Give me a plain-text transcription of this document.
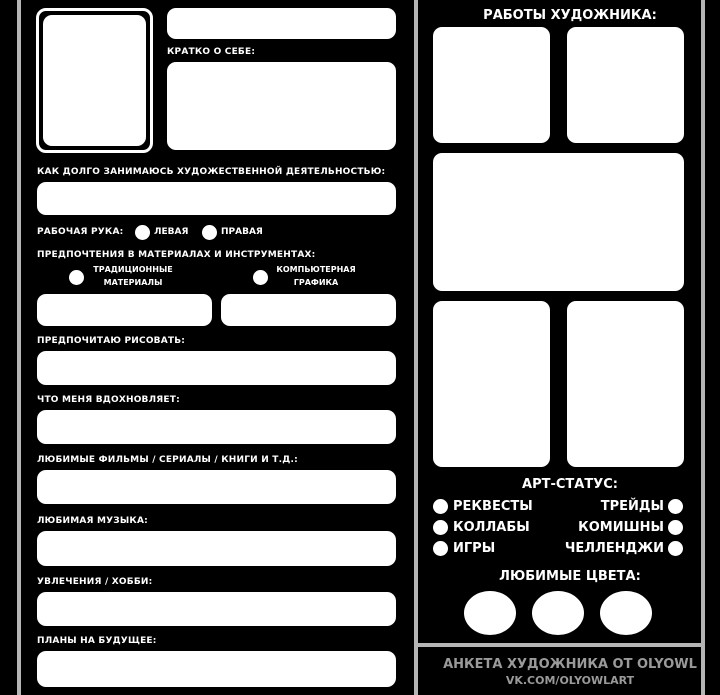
КРАТКО О СЕБЕ:
КАК ДОЛГО ЗАНИМАЮСЬ ХУДОЖЕСТВЕННОЙ ДЕЯТЕЛЬНОСТЬЮ:
РАБОЧАЯ РУКА:	ЛЕВАЯ	ПРАВАЯ
ПРЕДПОЧТЕНИЯ В МАТЕРИАЛАХ И ИНСТРУМЕНТАХ:
ТРАДИЦИОННЫЕ
МАТЕРИАЛЫ
КОМПЬЮТЕРНАЯ
ГРАФИКА
ПРЕДПОЧИТАЮ РИСОВАТЬ:
ЧТО МЕНЯ ВДОХНОВЛЯЕТ:
ЛЮБИМЫЕ ФИЛЬМЫ / СЕРИАЛЫ / КНИГИ И Т.Д.:
ЛЮБИМАЯ МУЗЫКА:
УВЛЕЧЕНИЯ / ХОББИ:
ПЛАНЫ НА БУДУЩЕЕ:
РАБОТЫ ХУДОЖНИКА:
АРТ-СТАТУС:
РЕКВЕСТЫ
КОЛЛАБЫ
ИГРЫ
ТРЕЙДЫ
КОМИШНЫ
ЧЕЛЛЕНДЖИ
ЛЮБИМЫЕ ЦВЕТА:
АНКЕТА ХУДОЖНИКА ОТ OLYOWL
VK.COM/OLYOWLART
